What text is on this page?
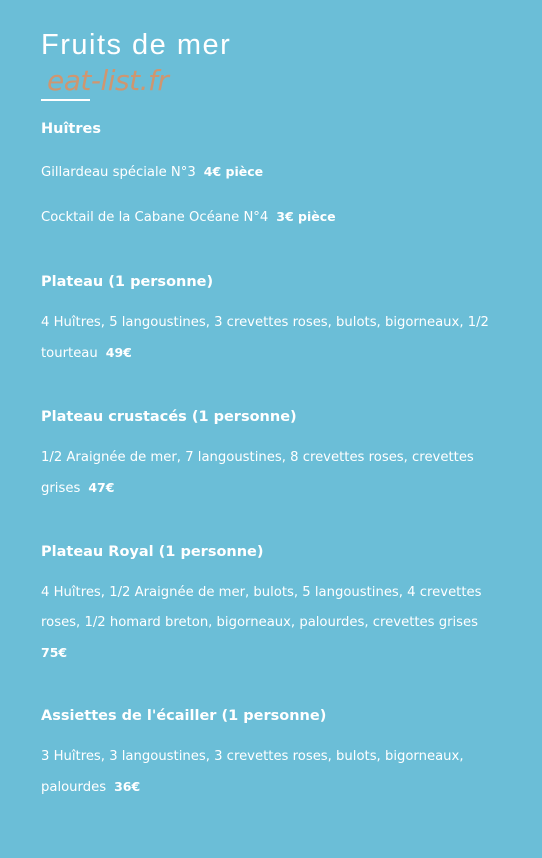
Fruits de mer
eat-list.fr
Huîtres

Gillardeau spéciale N°3 4€ pièce

Cocktail de la Cabane Océane N°4 3€ pièce

Plateau (1 personne)

4 Huîtres, 5 langoustines, 3 crevettes roses, bulots, bigorneaux, 1/2 tourteau 49€

Plateau crustacés (1 personne)

1/2 Araignée de mer, 7 langoustines, 8 crevettes roses, crevettes grises 47€

Plateau Royal (1 personne)

4 Huîtres, 1/2 Araignée de mer, bulots, 5 langoustines, 4 crevettes roses, 1/2 homard breton, bigorneaux, palourdes, crevettes grises
75€

Assiettes de l'écailler (1 personne)

3 Huîtres, 3 langoustines, 3 crevettes roses, bulots, bigorneaux, palourdes 36€
